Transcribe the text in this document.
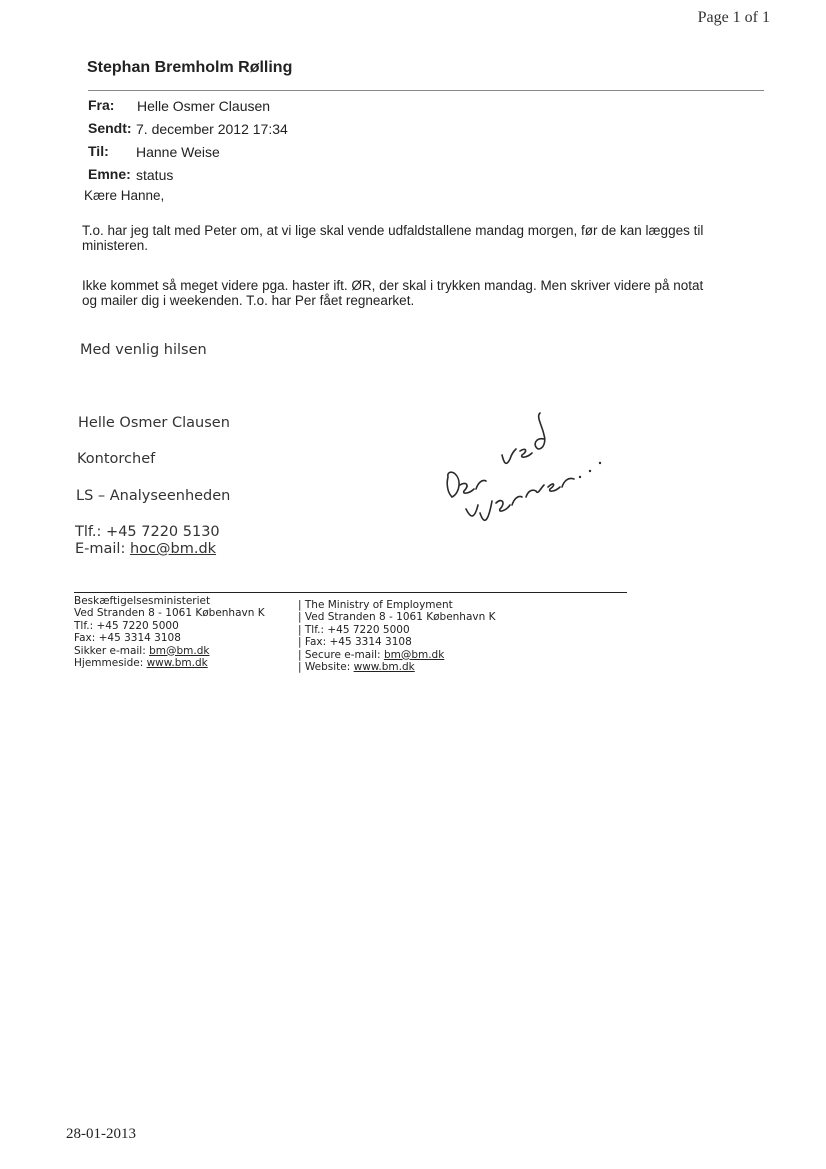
Page 1 of 1
Stephan Bremholm Rølling
Fra: Helle Osmer Clausen
Sendt: 7. december 2012 17:34
Til: Hanne Weise
Emne: status
Kære Hanne,
T.o. har jeg talt med Peter om, at vi lige skal vende udfaldstallene mandag morgen, før de kan lægges til
ministeren.
Ikke kommet så meget videre pga. haster ift. ØR, der skal i trykken mandag. Men skriver videre på notat
og mailer dig i weekenden. T.o. har Per fået regnearket.
Med venlig hilsen
Helle Osmer Clausen
Kontorchef
LS – Analyseenheden
Tlf.: +45 7220 5130
E-mail: hoc@bm.dk
Beskæftigelsesministeriet
Ved Stranden 8 - 1061 København K
Tlf.: +45 7220 5000
Fax: +45 3314 3108
Sikker e-mail: bm@bm.dk
Hjemmeside: www.bm.dk
| The Ministry of Employment
| Ved Stranden 8 - 1061 København K
| Tlf.: +45 7220 5000
| Fax: +45 3314 3108
| Secure e-mail: bm@bm.dk
| Website: www.bm.dk
28-01-2013
